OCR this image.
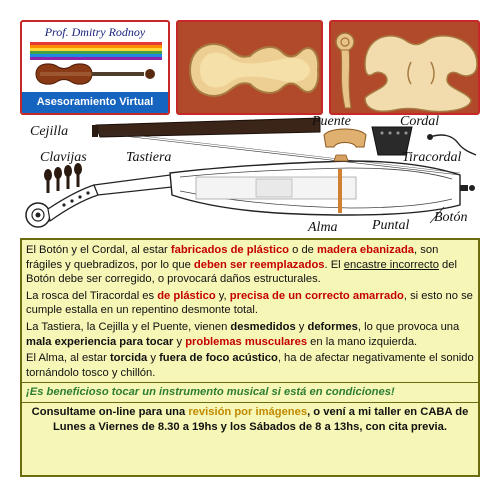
Prof. Dmitry Rodnoy
Asesoramiento Virtual
Cejilla
Clavijas	Tastiera
Puente	Cordal
Tiracordal
Alma Puntal
Botón

El Botón y el Cordal, al estar fabricados de plástico o de madera ebanizada, son frágiles y quebradizos, por lo que deben ser reemplazados. El encastre incorrecto del Botón debe ser corregido, o provocará daños estructurales.

La rosca del Tiracordal es de plástico y, precisa de un correcto amarrado, si esto no se cumple estalla en un repentino desmonte total.

La Tastiera, la Cejilla y el Puente, vienen desmedidos y deformes, lo que provoca una mala experiencia para tocar y problemas musculares en la mano izquierda.

El Alma, al estar torcida y fuera de foco acústico, ha de afectar negativamente el sonido tornándolo tosco y chillón.

¡Es beneficioso tocar un instrumento musical si está en condiciones!

Consultame on-line para una revisión por imágenes, o vení a mi taller en CABA de Lunes a Viernes de 8.30 a 19hs y los Sábados de 8 a 13hs, con cita previa.
